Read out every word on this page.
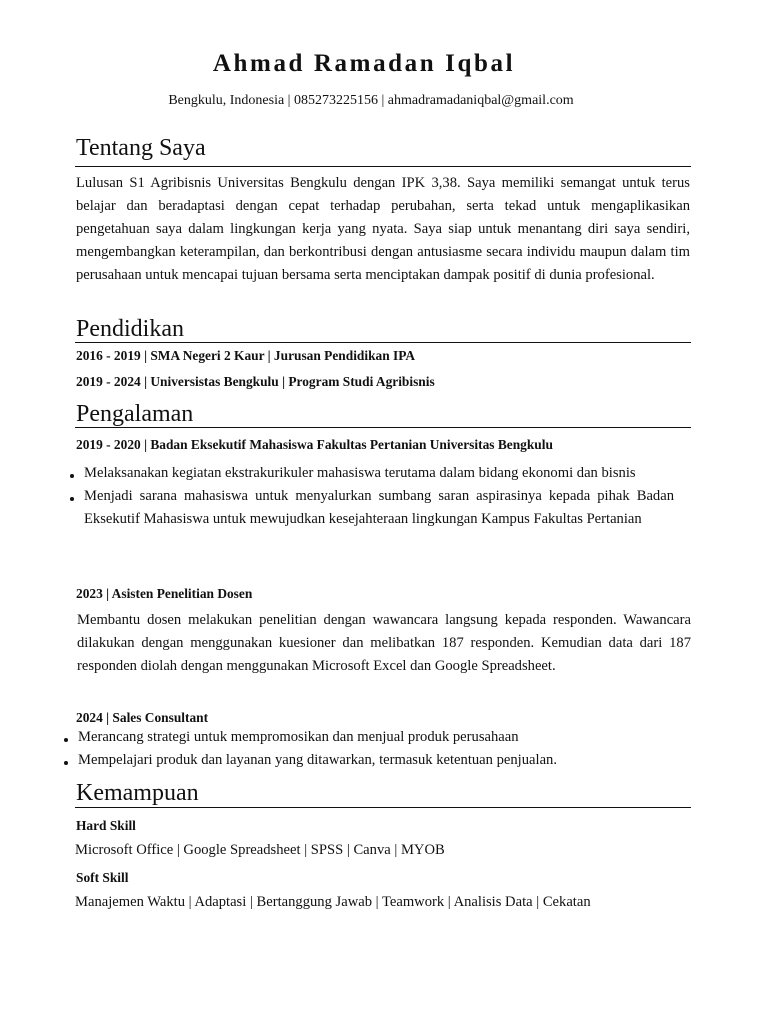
Ahmad Ramadan Iqbal
Bengkulu, Indonesia | 085273225156 | ahmadramadaniqbal@gmail.com
Tentang Saya
Lulusan S1 Agribisnis Universitas Bengkulu dengan IPK 3,38. Saya memiliki semangat untuk terus belajar dan beradaptasi dengan cepat terhadap perubahan, serta tekad untuk mengaplikasikan pengetahuan saya dalam lingkungan kerja yang nyata. Saya siap untuk menantang diri saya sendiri, mengembangkan keterampilan, dan berkontribusi dengan antusiasme secara individu maupun dalam tim perusahaan untuk mencapai tujuan bersama serta menciptakan dampak positif di dunia profesional.
Pendidikan
2016 - 2019 | SMA Negeri 2 Kaur | Jurusan Pendidikan IPA
2019 - 2024 | Universistas Bengkulu | Program Studi Agribisnis
Pengalaman
2019 - 2020 | Badan Eksekutif Mahasiswa Fakultas Pertanian Universitas Bengkulu
Melaksanakan kegiatan ekstrakurikuler mahasiswa terutama dalam bidang ekonomi dan bisnis
Menjadi sarana mahasiswa untuk menyalurkan sumbang saran aspirasinya kepada pihak Badan Eksekutif Mahasiswa untuk mewujudkan kesejahteraan lingkungan Kampus Fakultas Pertanian
2023 | Asisten Penelitian Dosen
Membantu dosen melakukan penelitian dengan wawancara langsung kepada responden. Wawancara dilakukan dengan menggunakan kuesioner dan melibatkan 187 responden. Kemudian data dari 187 responden diolah dengan menggunakan Microsoft Excel dan Google Spreadsheet.
2024 | Sales Consultant
Merancang strategi untuk mempromosikan dan menjual produk perusahaan
Mempelajari produk dan layanan yang ditawarkan, termasuk ketentuan penjualan.
Kemampuan
Hard Skill
Microsoft Office | Google Spreadsheet | SPSS | Canva | MYOB
Soft Skill
Manajemen Waktu | Adaptasi | Bertanggung Jawab | Teamwork | Analisis Data | Cekatan
